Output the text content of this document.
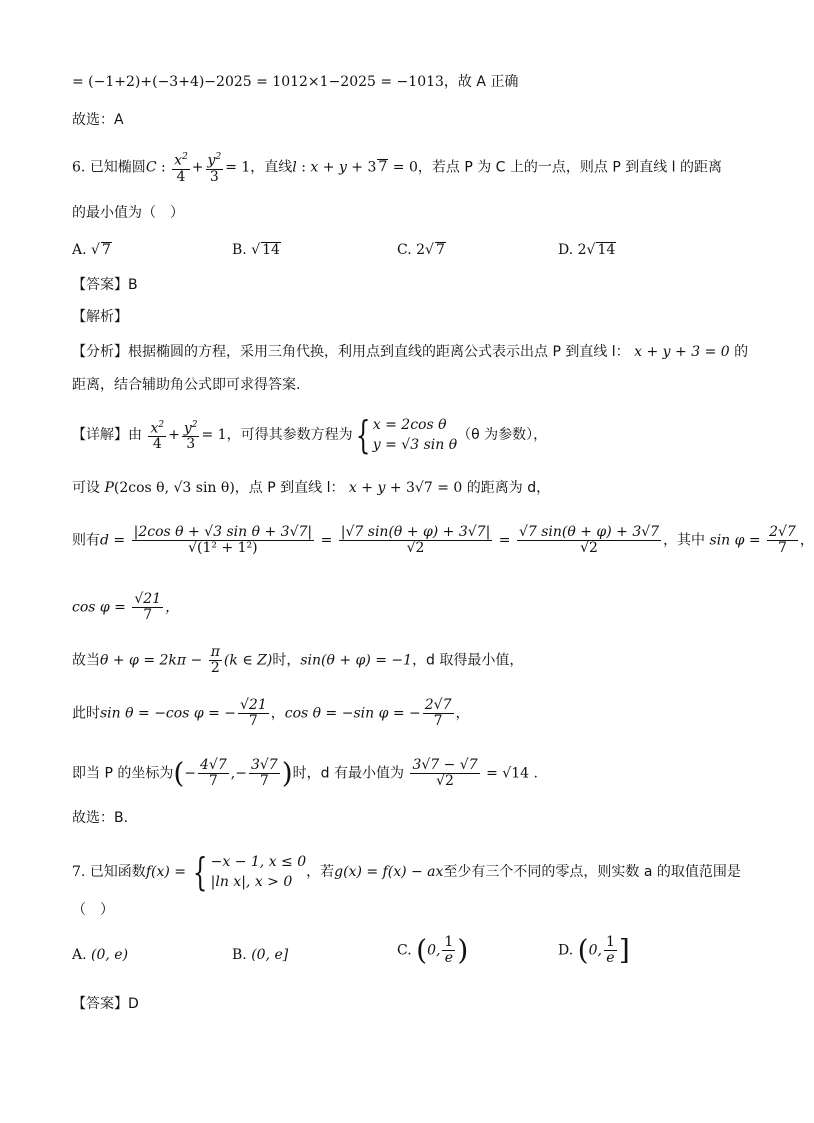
= (−1+2)+(−3+4)−2025 = 1012×1−2025 = −1013，故 A 正确
故选：A
6. 已知椭圆C : $\frac{x^2}{4} + \frac{y^2}{3} = 1$，直线l : x + y + 3 7 = 0，若点 P 为 C 上的一点，则点 P 到直线 l 的距离
的最小值为（　）
A. √ 7	B. √ 14	C. 2√ 7	D. 2√ 14
【答案】B
【解析】
【分析】根据椭圆的方程，采用三角代换，利用点到直线的距离公式表示出点 P 到直线 l： x + y + 3 = 0 的
距离，结合辅助角公式即可求得答案.
【详解】由 $\frac{x^2}{4} + \frac{y^2}{3} = 1$，可得其参数方程为{ x = 2cos θ
y = √3 sin θ
（θ 为参数），
可设 P(2cos θ, √3 sin θ)，点 P 到直线 l： x + y + 3√7 = 0 的距离为 d，
则有$d = \frac{\text{|2cos θ + √3 sin θ + 3√7|}}{\text{√(1² + 1²)}} = \frac{|√7 \sin(\theta + \varphi) + 3√7|}{√2} = \frac{√7 \sin(\theta + \varphi) + 3√7}{√2}$ ，其中 $\sin \varphi = \frac{2√7}{7}$ ，
$\cos \varphi = \frac{√21}{7}$ ，
故当$\theta + \varphi = 2k\pi - \frac{\pi}{2} (k$ ∈ Z)时，sin(θ + φ) = −1，d 取得最小值，
此时sin θ = −cos φ = − $\frac{√21}{7}$ ，cos θ = −sin φ = − $\frac{2√7}{7}$ ，
即当 P 的坐标为(− $\frac{4√7}{7}$ ,− $\frac{3√7}{7}$ )时，d 有最小值为 $\frac{3√7 - √7}{√2} = √14$ .
故选：B.
7. 已知函数f(x) = { −x − 1, x ≤ 0
|ln x|, x > 0
，若g(x) = f(x) − ax至少有三个不同的零点，则实数 a 的取值范围是
（　）
A. (0, e)	B. (0, e]	C. (0, $\frac{1}{e}$ )	D. (0, $\frac{1}{e}$ ]
【答案】D
